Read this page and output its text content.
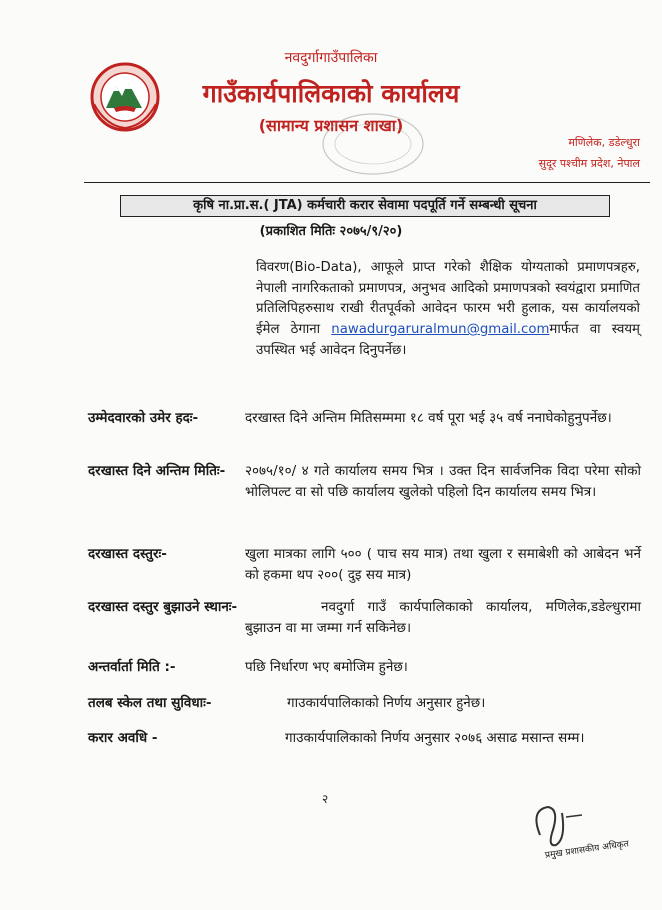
नवदुर्गागाउँपालिका
गाउँकार्यपालिकाको कार्यालय
(सामान्य प्रशासन शाखा)
मणिलेक, डडेल्धुरा
सुदूर पश्चीम प्रदेश, नेपाल
कृषि ना.प्रा.स.( JTA) कर्मचारी करार सेवामा पदपूर्ति गर्ने सम्बन्धी सूचना
(प्रकाशित मितिः २०७५/९/२०)
विवरण(Bio-Data), आफूले प्राप्त गरेको शैक्षिक योग्यताको प्रमाणपत्रहरु, नेपाली नागरिकताको प्रमाणपत्र, अनुभव आदिको प्रमाणपत्रको स्वयंद्वारा प्रमाणित प्रतिलिपिहरुसाथ राखी रीतपूर्वको आवेदन फारम भरी हुलाक, यस कार्यालयको ईमेल ठेगाना nawadurgaruralmun@gmail.comमार्फत वा स्वयम् उपस्थित भई आवेदन दिनुपर्नेछ।
उम्मेदवारको उमेर हदः-	दरखास्त दिने अन्तिम मितिसम्ममा १८ वर्ष पूरा भई ३५ वर्ष ननाघेकोहुनुपर्नेछ।
दरखास्त दिने अन्तिम मितिः- २०७५/१०/ ४ गते कार्यालय समय भित्र । उक्त दिन सार्वजनिक विदा परेमा सोको भोलिपल्ट वा सो पछि कार्यालय खुलेको पहिलो दिन कार्यालय समय भित्र।
दरखास्त दस्तुरः-	खुला मात्रका लागि ५०० ( पाच सय मात्र) तथा खुला र समाबेशी को आबेदन भर्ने को हकमा थप २००( दुइ सय मात्र)
दरखास्त दस्तुर बुझाउने स्थानः-	नवदुर्गा गाउँ कार्यपालिकाको कार्यालय, मणिलेक,डडेल्धुरामा बुझाउन वा मा जम्मा गर्न सकिनेछ।
अन्तर्वार्ता मिति :-	पछि निर्धारण भए बमोजिम हुनेछ।
तलब स्केल तथा सुविधाः-	गाउकार्यपालिकाको निर्णय अनुसार हुनेछ।
करार अवधि -	गाउकार्यपालिकाको निर्णय अनुसार २०७६ असाढ मसान्त सम्म।
२
प्रमुख प्रशासकीय अधिकृत
